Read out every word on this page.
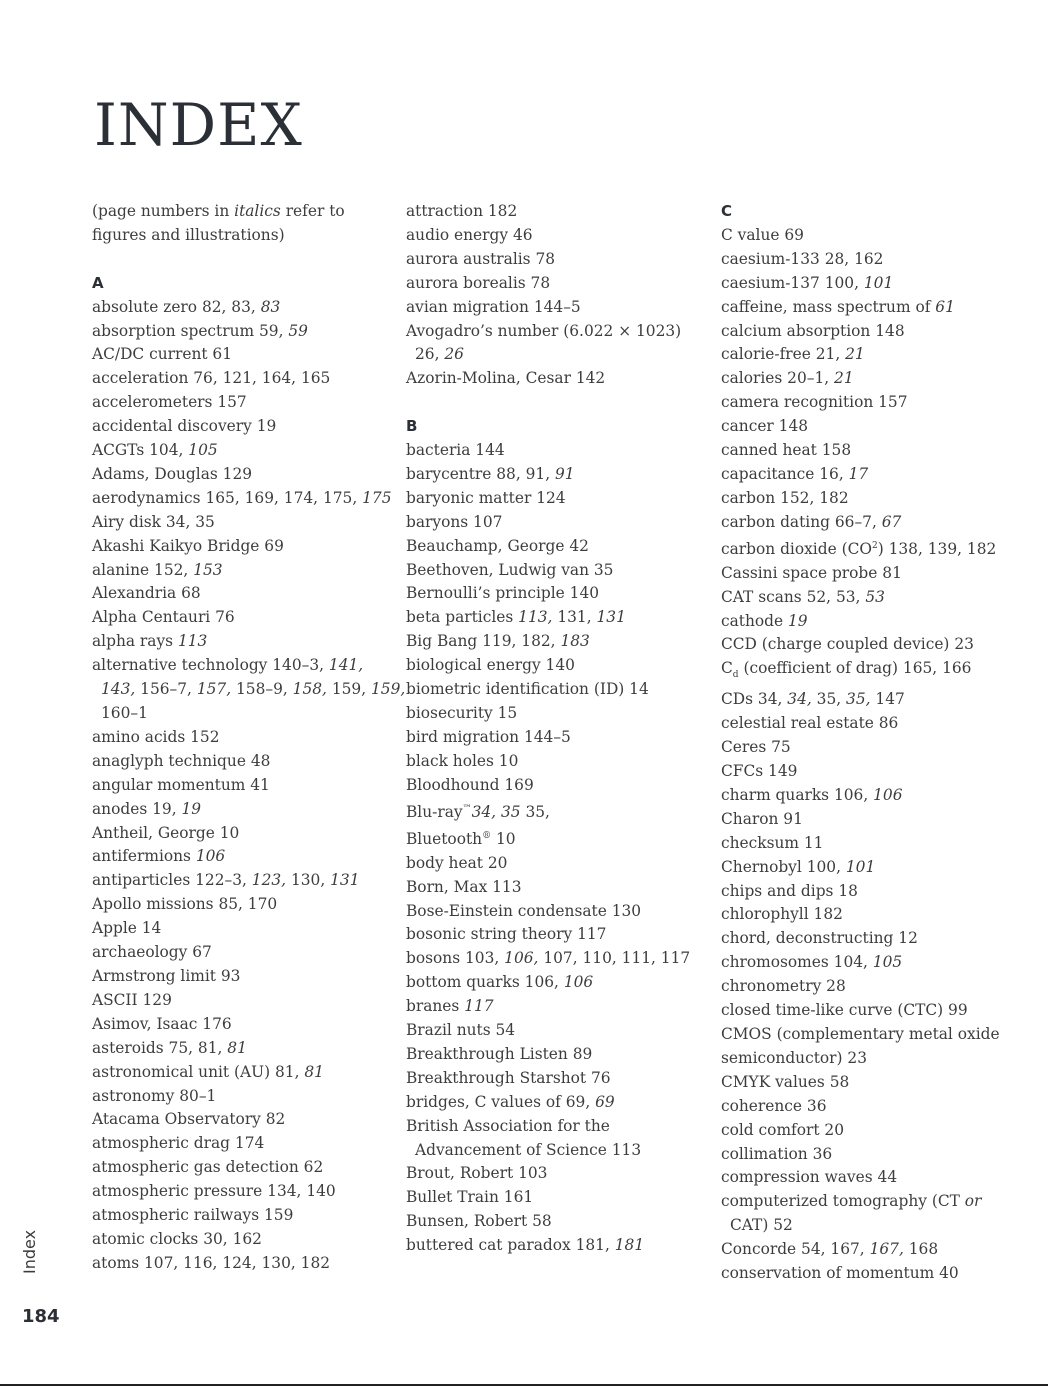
INDEX
(page numbers in italics refer to
figures and illustrations)
A
absolute zero 82, 83, 83
absorption spectrum 59, 59
AC/DC current 61
acceleration 76, 121, 164, 165
accelerometers 157
accidental discovery 19
ACGTs 104, 105
Adams, Douglas 129
aerodynamics 165, 169, 174, 175, 175
Airy disk 34, 35
Akashi Kaikyo Bridge 69
alanine 152, 153
Alexandria 68
Alpha Centauri 76
alpha rays 113
alternative technology 140–3, 141,
143, 156–7, 157, 158–9, 158, 159, 159,
160–1
amino acids 152
anaglyph technique 48
angular momentum 41
anodes 19, 19
Antheil, George 10
antifermions 106
antiparticles 122–3, 123, 130, 131
Apollo missions 85, 170
Apple 14
archaeology 67
Armstrong limit 93
ASCII 129
Asimov, Isaac 176
asteroids 75, 81, 81
astronomical unit (AU) 81, 81
astronomy 80–1
Atacama Observatory 82
atmospheric drag 174
atmospheric gas detection 62
atmospheric pressure 134, 140
atmospheric railways 159
atomic clocks 30, 162
atoms 107, 116, 124, 130, 182
attraction 182
audio energy 46
aurora australis 78
aurora borealis 78
avian migration 144–5
Avogadro’s number (6.022 × 1023)
26, 26
Azorin-Molina, Cesar 142
B
bacteria 144
barycentre 88, 91, 91
baryonic matter 124
baryons 107
Beauchamp, George 42
Beethoven, Ludwig van 35
Bernoulli’s principle 140
beta particles 113, 131, 131
Big Bang 119, 182, 183
biological energy 140
biometric identification (ID) 14
biosecurity 15
bird migration 144–5
black holes 10
Bloodhound 169
Blu-ray™34, 35 35,
Bluetooth® 10
body heat 20
Born, Max 113
Bose-Einstein condensate 130
bosonic string theory 117
bosons 103, 106, 107, 110, 111, 117
bottom quarks 106, 106
branes 117
Brazil nuts 54
Breakthrough Listen 89
Breakthrough Starshot 76
bridges, C values of 69, 69
British Association for the
Advancement of Science 113
Brout, Robert 103
Bullet Train 161
Bunsen, Robert 58
buttered cat paradox 181, 181
C
C value 69
caesium-133 28, 162
caesium-137 100, 101
caffeine, mass spectrum of 61
calcium absorption 148
calorie-free 21, 21
calories 20–1, 21
camera recognition 157
cancer 148
canned heat 158
capacitance 16, 17
carbon 152, 182
carbon dating 66–7, 67
carbon dioxide $(CO^2)$ 138, 139, 182
Cassini space probe 81
CAT scans 52, 53, 53
cathode 19
CCD (charge coupled device) 23
$C_d$ (coefficient of drag) 165, 166
CDs 34, 34, 35, 35, 147
celestial real estate 86
Ceres 75
CFCs 149
charm quarks 106, 106
Charon 91
checksum 11
Chernobyl 100, 101
chips and dips 18
chlorophyll 182
chord, deconstructing 12
chromosomes 104, 105
chronometry 28
closed time-like curve (CTC) 99
CMOS (complementary metal oxide
semiconductor) 23
CMYK values 58
coherence 36
cold comfort 20
collimation 36
compression waves 44
computerized tomography (CT or
CAT) 52
Concorde 54, 167, 167, 168
conservation of momentum 40
Index
184
